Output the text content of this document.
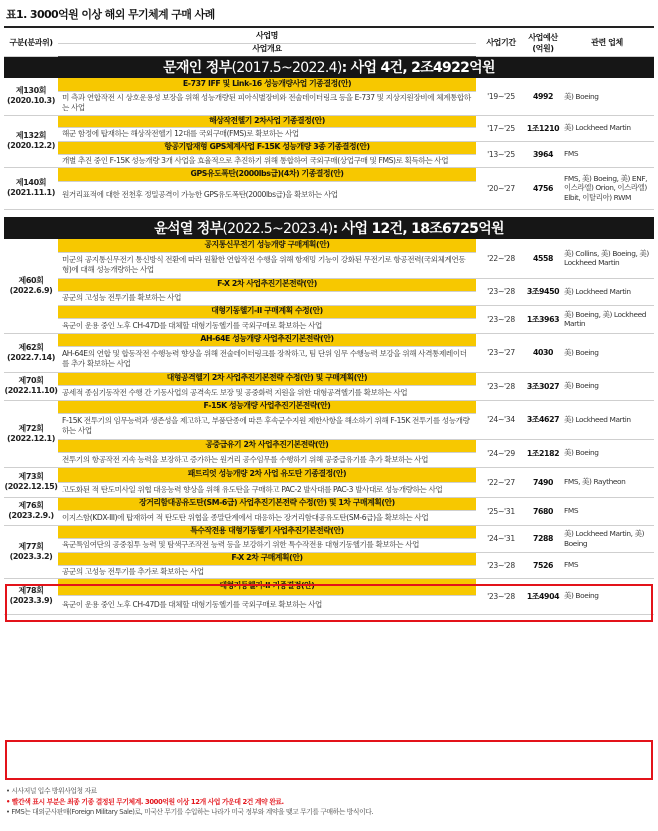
표1. 3000억원 이상 해외 무기체계 구매 사례
구분(분과위)	사업명	사업기간	사업예산
(억원)	관련 업체
	사업개요			
문재인 정부(2017.5~2022.4): 사업 4건, 2조4922억원				
제130회
(2020.10.3)	E-737 IFF 및 Link-16 성능개량사업 기종결정(안)	'19~'25	4992	美) Boeing
	미 측과 연합작전 시 상호운용성 보장을 위해 성능개량된 피아식별장비와 전술데이터링크 등을 E-737 및 지상지원장비에 체계통합하는 사업			
제132회
(2020.12.2)	해상작전헬기 2차사업 기종결정(안)	'17~'25	1조1210	美) Lockheed Martin
	해군 함정에 탑재하는 해상작전헬기 12대를 국외구매(FMS)로 확보하는 사업			
	항공기탑재형 GPS체계사업 F-15K 성능개량 3종 기종결정(안)	'13~'25	3964	FMS
	개별 추진 중인 F-15K 성능개량 3개 사업을 효율적으로 추진하기 위해 통합하여 국외구매(상업구매 및 FMS)로 획득하는 사업			
제140회
(2021.11.1)	GPS유도폭탄(2000lbs급)(4차) 기종결정(안)	'20~'27	4756	FMS, 美) Boeing, 美) ENF, 이스라엘) Orion, 이스라엘) Elbit, 이탈리아) RWM
	원거리표적에 대한 전천후 정밀공격이 가능한 GPS유도폭탄(2000lbs급)을 확보하는 사업			

윤석열 정부(2022.5~2023.4): 사업 12건, 18조6725억원				
제60회
(2022.6.9)	공지통신무전기 성능개량 구매계획(안)	'22~'28	4558	美) Collins, 美) Boeing, 美) Lockheed Martin
	미군의 공지통신무전기 통신방식 전환에 따라 원활한 연합작전 수행을 위해 항재밍 기능이 강화된 무전기로 항공전력(국외체계연동형)에 대해 성능개량하는 사업			
	F-X 2차 사업추진기본전략(안)	'23~'28	3조9450	美) Lockheed Martin
	공군의 고성능 전투기를 확보하는 사업			
	대형기동헬기-II 구매계획 수정(안)	'23~'28	1조3963	美) Boeing, 美) Lockheed Martin
	육군이 운용 중인 노후 CH-47D를 대체할 대형기동헬기를 국외구매로 확보하는 사업			
제62회
(2022.7.14)	AH-64E 성능개량 사업추진기본전략(안)	'23~'27	4030	美) Boeing
	AH-64E의 연합 및 합동작전 수행능력 향상을 위해 전술데이터링크를 장착하고, 팀 단위 임무 수행능력 보강을 위해 사격통제레이더를 추가 확보하는 사업			
제70회
(2022.11.10)	대형공격헬기 2차 사업추진기본전략 수정(안) 및 구매계획(안)	'23~'28	3조3027	美) Boeing
	공세적 종심기동작전 수행 간 기동사업의 공격속도 보장 및 공중화력 지원을 위한 대형공격헬기를 확보하는 사업			
제72회
(2022.12.1)	F-15K 성능개량 사업추진기본전략(안)	'24~'34	3조4627	美) Lockheed Martin
	F-15K 전투기의 임무능력과 생존성을 제고하고, 부품단종에 따른 후속군수지원 제한사항을 해소하기 위해 F-15K 전투기를 성능개량하는 사업			
	공중급유기 2차 사업추진기본전략(안)	'24~'29	1조2182	美) Boeing
	전투기의 항공작전 지속 능력을 보장하고 증가하는 원거리 공수임무를 수행하기 위해 공중급유기를 추가 확보하는 사업			
제73회
(2022.12.15)	패트리엇 성능개량 2차 사업 유도탄 기종결정(안)	'22~'27	7490	FMS, 美) Raytheon
	고도화된 적 탄도미사일 위협 대응능력 향상을 위해 유도탄을 구매하고 PAC-2 발사대를 PAC-3 발사대로 성능개량하는 사업			
제76회
(2023.2.9.)	장거리함대공유도탄(SM-6급) 사업추진기본전략 수정(안) 및 1차 구매계획(안)	'25~'31	7680	FMS
	이지스함(KDX-III)에 탑재하여 적 탄도탄 위협을 종말단계에서 대응하는 장거리함대공유도탄(SM-6급)을 확보하는 사업			
제77회
(2023.3.2)	특수작전용 대형기동헬기 사업추진기본전략(안)	'24~'31	7288	美) Lockheed Martin, 美) Boeing
	육군특임여단의 공중침투 능력 및 탐색구조작전 능력 등을 보강하기 위한 특수작전용 대형기동헬기를 확보하는 사업			
	F-X 2차 구매계획(안)	'23~'28	7526	FMS
	공군의 고성능 전투기를 추가로 확보하는 사업			
제78회
(2023.3.9)	대형기동헬기-II 기종결정(안)	'23~'28	1조4904	美) Boeing
	육군이 운용 중인 노후 CH-47D를 대체할 대형기동헬기를 국외구매로 확보하는 사업			
• 시사저널 입수 방위사업청 자료
• 빨간색 표시 부분은 최종 기종 결정된 무기체계. 3000억원 이상 12개 사업 가운데 2건 계약 완료.
• FMS는 대외군사판매(Foreign Military Sale)로, 미국산 무기를 수입하는 나라가 미국 정부와 계약을 맺고 무기를 구매하는 방식이다.
